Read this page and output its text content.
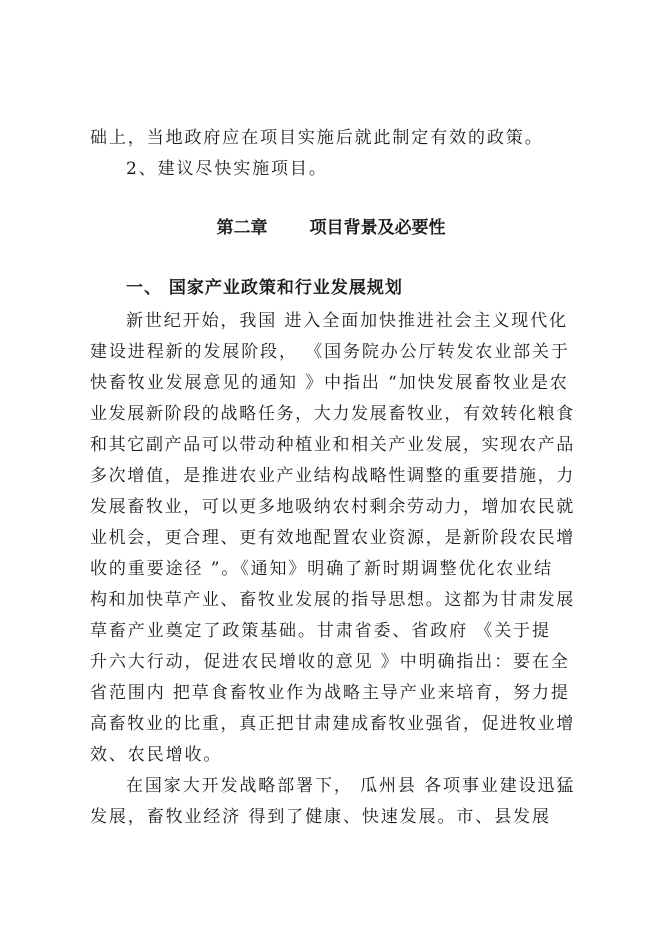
础上，当地政府应在项目实施后就此制定有效的政策。
2、建议尽快实施项目。
第二章 项目背景及必要性
一、 国家产业政策和行业发展规划
新世纪开始，我国 进入全面加快推进社会主义现代化
建设进程新的发展阶段， 《国务院办公厅转发农业部关于
快畜牧业发展意见的通知 》中指出 “加快发展畜牧业是农
业发展新阶段的战略任务，大力发展畜牧业，有效转化粮食
和其它副产品可以带动种植业和相关产业发展，实现农产品
多次增值，是推进农业产业结构战略性调整的重要措施，力
发展畜牧业，可以更多地吸纳农村剩余劳动力，增加农民就
业机会，更合理、更有效地配置农业资源，是新阶段农民增
收的重要途径 ”。《通知》明确了新时期调整优化农业结
构和加快草产业、畜牧业发展的指导思想。这都为甘肃发展
草畜产业奠定了政策基础。甘肃省委、省政府 《关于提
升六大行动，促进农民增收的意见 》中明确指出：要在全
省范围内 把草食畜牧业作为战略主导产业来培育，努力提
高畜牧业的比重，真正把甘肃建成畜牧业强省，促进牧业增
效、农民增收。
在国家大开发战略部署下， 瓜州县 各项事业建设迅猛
发展，畜牧业经济 得到了健康、快速发展。市、县发展
